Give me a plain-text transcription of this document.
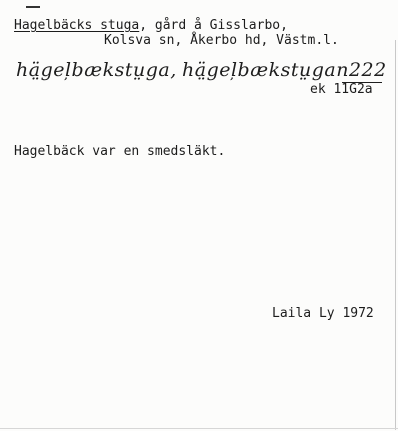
Hagelbäcks stuga, gård å Gisslarbo,
Kolsva sn, Åkerbo hd, Västm.l.
hä̤gel̦bækstṳga, hä̤gel̦bækstṳgan222
ek 11G2a
Hagelbäck var en smedsläkt.
Laila Ly 1972
